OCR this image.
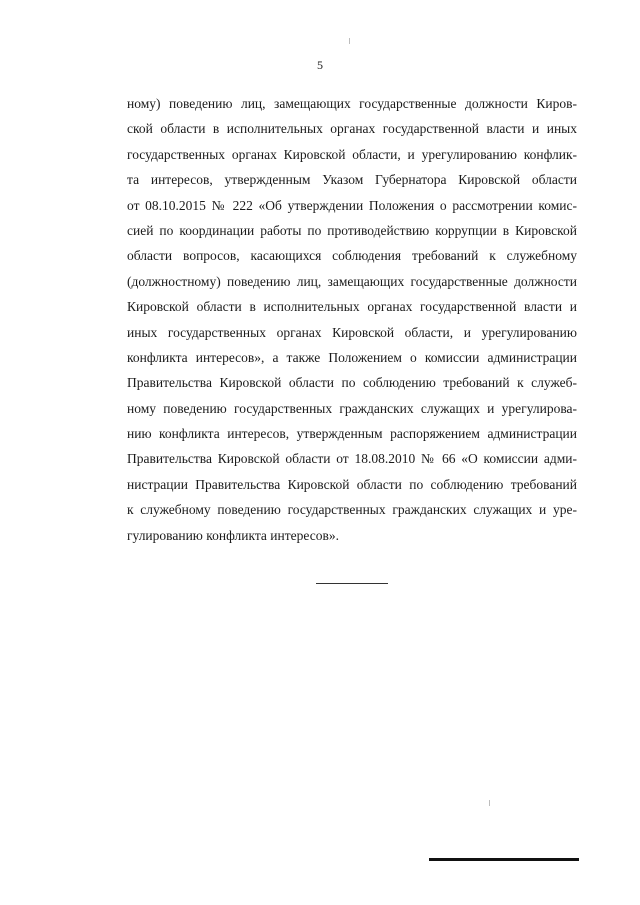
5
ному) поведению лиц, замещающих государственные должности Киров-
ской области в исполнительных органах государственной власти и иных
государственных органах Кировской области, и урегулированию конфлик-
та интересов, утвержденным Указом Губернатора Кировской области
от 08.10.2015 № 222 «Об утверждении Положения о рассмотрении комис-
сией по координации работы по противодействию коррупции в Кировской
области вопросов, касающихся соблюдения требований к служебному
(должностному) поведению лиц, замещающих государственные должности
Кировской области в исполнительных органах государственной власти и
иных государственных органах Кировской области, и урегулированию
конфликта интересов», а также Положением о комиссии администрации
Правительства Кировской области по соблюдению требований к служеб-
ному поведению государственных гражданских служащих и урегулирова-
нию конфликта интересов, утвержденным распоряжением администрации
Правительства Кировской области от 18.08.2010 № 66 «О комиссии адми-
нистрации Правительства Кировской области по соблюдению требований
к служебному поведению государственных гражданских служащих и уре-
гулированию конфликта интересов».
